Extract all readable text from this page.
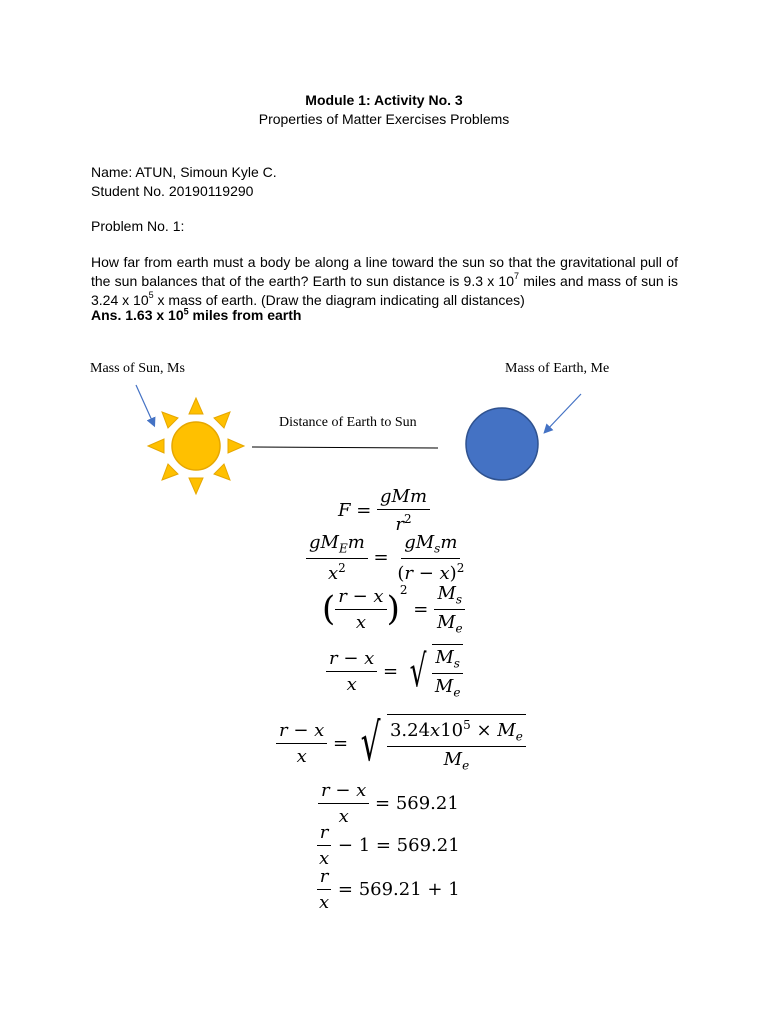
Module 1: Activity No. 3
Properties of Matter Exercises Problems
Name: ATUN, Simoun Kyle C.
Student No. 20190119290
Problem No. 1:
How far from earth must a body be along a line toward the sun so that the gravitational pull of the sun balances that of the earth? Earth to sun distance is 9.3 x $10^7$ miles and mass of sun is 3.24 x $10^5$ x mass of earth. (Draw the diagram indicating all distances)
Ans. 1.63 x $10^5$ miles from earth
Mass of Sun, Ms	Mass of Earth, Me
Distance of Earth to Sun
$F = \frac{\text{gMm}}{r^2}$
$\frac{gM_Em}{x^2} = \frac{gM_sm}{(r - x)^2}$
( $\frac{r - x}{x} )^2$
= $\frac{M_s}{M_e}$
$\frac{r - x}{x}$ = √ $\frac{M_s}{M_e}$
$\frac{r - x}{x}$ = √ $\frac{3.24x10^5 \times M_e}{M_e}$
$\frac{r - x}{x} = 569.21$
$\frac{r}{x} - 1 = 569.21$
$\frac{r}{x} = 569.21 + 1$
